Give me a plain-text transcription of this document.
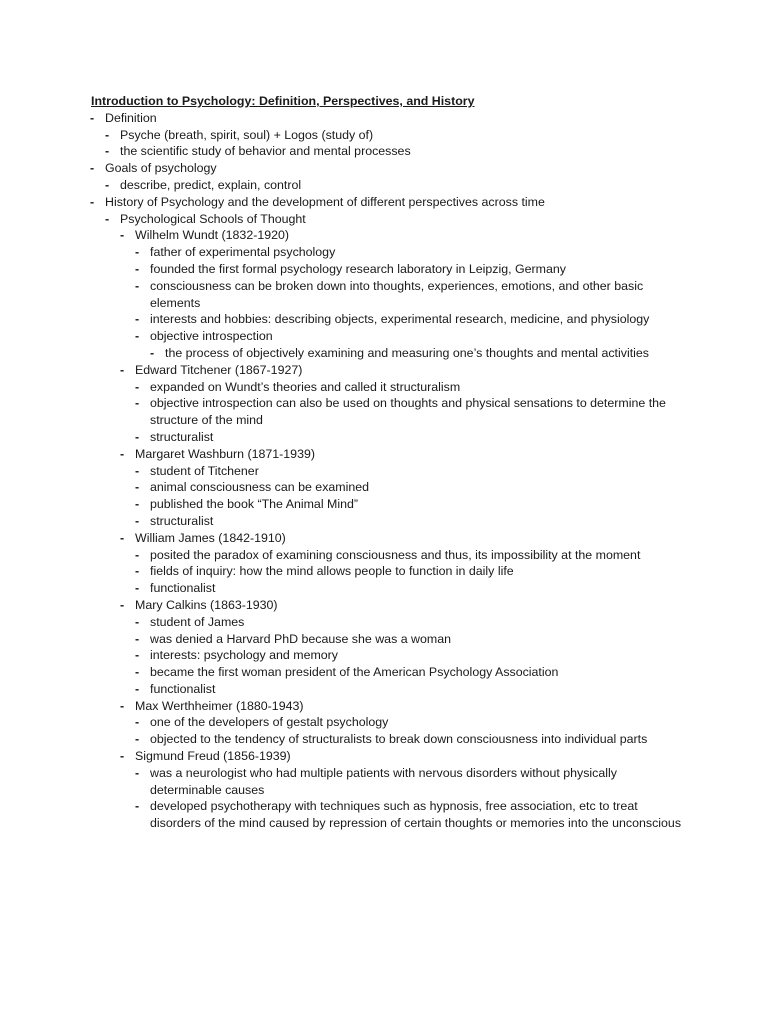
Introduction to Psychology: Definition, Perspectives, and History

- Definition
- Psyche (breath, spirit, soul) + Logos (study of)
- the scientific study of behavior and mental processes
- Goals of psychology
- describe, predict, explain, control
- History of Psychology and the development of different perspectives across time
- Psychological Schools of Thought
- Wilhelm Wundt (1832-1920)
- father of experimental psychology
- founded the first formal psychology research laboratory in Leipzig, Germany
- consciousness can be broken down into thoughts, experiences, emotions, and other basic elements
- interests and hobbies: describing objects, experimental research, medicine, and physiology
- objective introspection
- the process of objectively examining and measuring one’s thoughts and mental activities
- Edward Titchener (1867-1927)
- expanded on Wundt’s theories and called it structuralism
- objective introspection can also be used on thoughts and physical sensations to determine the structure of the mind
- structuralist
- Margaret Washburn (1871-1939)
- student of Titchener
- animal consciousness can be examined
- published the book “The Animal Mind”
- structuralist
- William James (1842-1910)
- posited the paradox of examining consciousness and thus, its impossibility at the moment
- fields of inquiry: how the mind allows people to function in daily life
- functionalist
- Mary Calkins (1863-1930)
- student of James
- was denied a Harvard PhD because she was a woman
- interests: psychology and memory
- became the first woman president of the American Psychology Association
- functionalist
- Max Werthheimer (1880-1943)
- one of the developers of gestalt psychology
- objected to the tendency of structuralists to break down consciousness into individual parts
- Sigmund Freud (1856-1939)
- was a neurologist who had multiple patients with nervous disorders without physically determinable causes
- developed psychotherapy with techniques such as hypnosis, free association, etc to treat disorders of the mind caused by repression of certain thoughts or memories into the unconscious
